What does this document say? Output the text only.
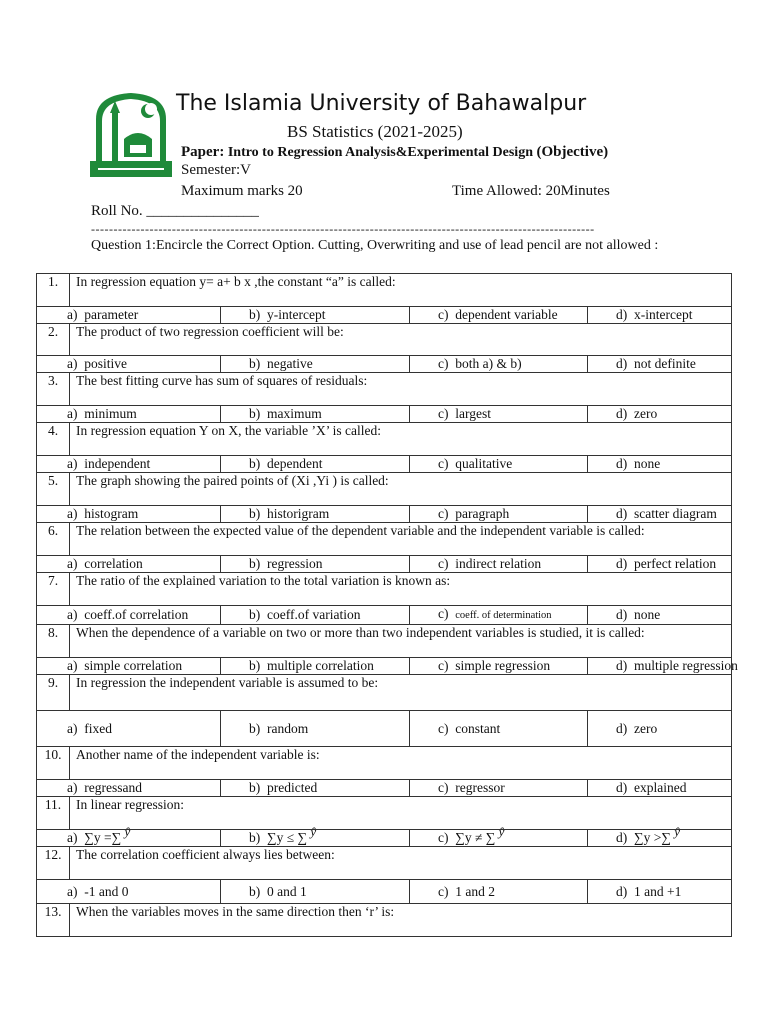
The Islamia University of Bahawalpur
BS Statistics (2021-2025)
Paper: Intro to Regression Analysis&Experimental Design (Objective)
Semester:V
Maximum marks 20	Time Allowed: 20Minutes
Roll No. _______________
----------------------------------------------------------------------------------------------------------------
Question 1:Encircle the Correct Option. Cutting, Overwriting and use of lead pencil are not allowed :
1.	In regression equation y= a+ b x ,the constant “a” is called:			
a)  parameter		b)  y-intercept	c)  dependent variable	d)  x-intercept
2.	The product of two regression coefficient will be:			
a)  positive		b)  negative	c)  both a) & b)	d)  not definite
3.	The best fitting curve has sum of squares of residuals:			
a)  minimum		b)  maximum	c)  largest	d)  zero
4.	In regression equation Y on X, the variable ’X’ is called:			
a)  independent		b)  dependent	c)  qualitative	d)  none
5.	The graph showing the paired points of (Xi ,Yi ) is called:			
a)  histogram		b)  historigram	c)  paragraph	d)  scatter diagram
6.	The relation between the expected value of the dependent variable and the independent variable is called:			
a)  correlation		b)  regression	c)  indirect relation	d)  perfect relation
7.	The ratio of the explained variation to the total variation is known as:			
a)  coeff.of correlation		b)  coeff.of variation	c)  coeff. of determination	d)  none
8.	When the dependence of a variable on two or more than two independent variables is studied, it is called:			
a)  simple correlation		b)  multiple correlation	c)  simple regression	d)  multiple regression
9.	In regression the independent variable is assumed to be:			
a)  fixed		b)  random	c)  constant	d)  zero
10.	Another name of the independent variable is:			
a)  regressand		b)  predicted	c)  regressor	d)  explained
11.	In linear regression:			
a)  ∑y =∑ ŷ		b)  ∑y ≤ ∑ ŷ	c)  ∑y ≠ ∑ ŷ	d)  ∑y >∑ ŷ
12.	The correlation coefficient always lies between:			
a)  -1 and 0		b)  0 and 1	c)  1 and 2	d)  1 and +1
13.	When the variables moves in the same direction then ‘r’ is:			
